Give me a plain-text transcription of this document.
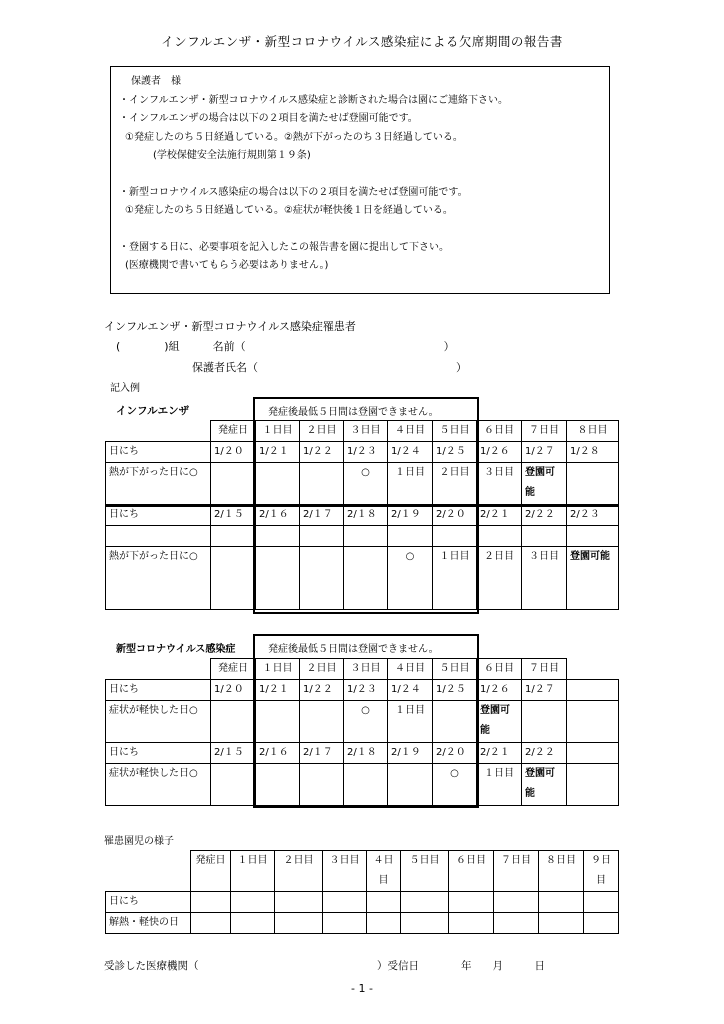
インフルエンザ・新型コロナウイルス感染症による欠席期間の報告書
保護者　様
・インフルエンザ・新型コロナウイルス感染症と診断された場合は園にご連絡下さい。
・インフルエンザの場合は以下の２項目を満たせば登園可能です。
①発症したのち５日経過している。②熱が下がったのち３日経過している。
(学校保健安全法施行規則第１９条)
・新型コロナウイルス感染症の場合は以下の２項目を満たせば登園可能です。
①発症したのち５日経過している。②症状が軽快後１日を経過している。
・登園する日に、必要事項を記入したこの報告書を園に提出して下さい。
(医療機関で書いてもらう必要はありません。)
インフルエンザ・新型コロナウイルス感染症罹患者
(　　　　)組　　　名前（　　　　　　　　　　　　　　　　　　）
保護者氏名（　　　　　　　　　　　　　　　　　　）
記入例
インフルエンザ	発症後最低５日間は登園できません。
	発症日	１日目	２日目	３日目	４日目	５日目	６日目	７日目	８日目
日にち	1/２０	1/２１	1/２２	1/２３	1/２４	1/２５	1/２６	1/２７	1/２８
熱が下がった日に○				○	１日目	２日目	３日目	登園可能	
日にち	2/１５	2/１６	2/１７	2/１８	2/１９	2/２０	2/２１	2/２２	2/２３

熱が下がった日に○					○	１日目	２日目	３日目	登園可能
新型コロナウイルス感染症	発症後最低５日間は登園できません。
	発症日	１日目	２日目	３日目	４日目	５日目	６日目	７日目	
日にち	1/２０	1/２１	1/２２	1/２３	1/２４	1/２５	1/２６	1/２７	
症状が軽快した日○				○	１日目		登園可能		
日にち	2/１５	2/１６	2/１７	2/１８	2/１９	2/２０	2/２１	2/２２	
症状が軽快した日○						○	１日目	登園可能	
罹患園児の様子
	発症日	１日目	２日目	３日目	４日目	５日目	６日目	７日目	８日目	９日目
日にち										
解熱・軽快の日										
受診した医療機関（　　　　　　　　　　　　　　　　　）受信日　　　　年　　月　　　日
- 1 -
